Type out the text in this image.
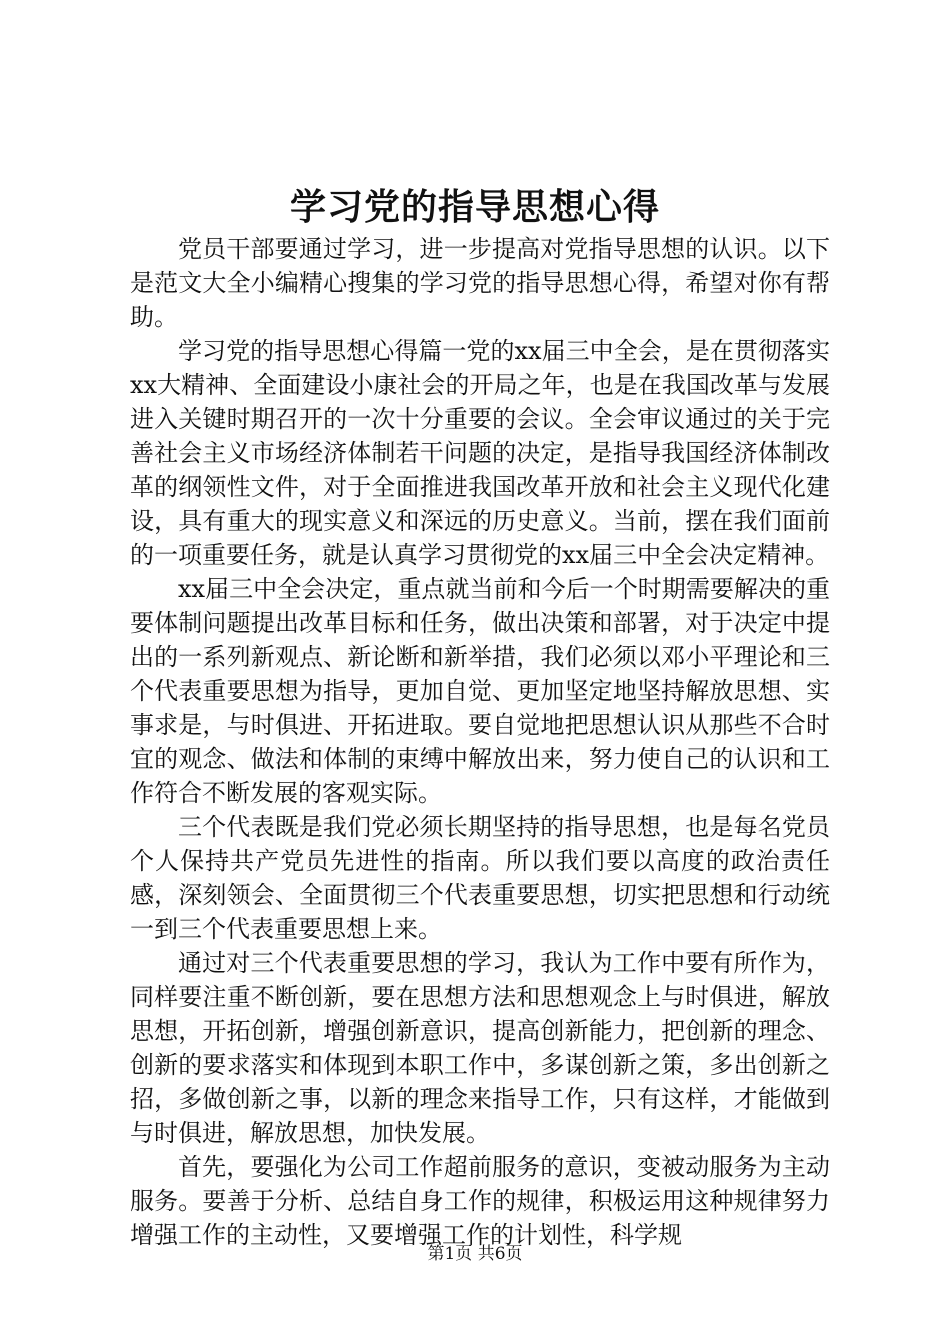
学习党的指导思想心得

党员干部要通过学习，进一步提高对党指导思想的认识。以下是范文大全小编精心搜集的学习党的指导思想心得，希望对你有帮助。

学习党的指导思想心得篇一党的xx届三中全会，是在贯彻落实xx大精神、全面建设小康社会的开局之年，也是在我国改革与发展进入关键时期召开的一次十分重要的会议。全会审议通过的关于完善社会主义市场经济体制若干问题的决定，是指导我国经济体制改革的纲领性文件，对于全面推进我国改革开放和社会主义现代化建设，具有重大的现实意义和深远的历史意义。当前，摆在我们面前的一项重要任务，就是认真学习贯彻党的xx届三中全会决定精神。

xx届三中全会决定，重点就当前和今后一个时期需要解决的重要体制问题提出改革目标和任务，做出决策和部署，对于决定中提出的一系列新观点、新论断和新举措，我们必须以邓小平理论和三个代表重要思想为指导，更加自觉、更加坚定地坚持解放思想、实事求是，与时俱进、开拓进取。要自觉地把思想认识从那些不合时宜的观念、做法和体制的束缚中解放出来，努力使自己的认识和工作符合不断发展的客观实际。

三个代表既是我们党必须长期坚持的指导思想，也是每名党员个人保持共产党员先进性的指南。所以我们要以高度的政治责任感，深刻领会、全面贯彻三个代表重要思想，切实把思想和行动统一到三个代表重要思想上来。

通过对三个代表重要思想的学习，我认为工作中要有所作为，同样要注重不断创新，要在思想方法和思想观念上与时俱进，解放思想，开拓创新，增强创新意识，提高创新能力，把创新的理念、创新的要求落实和体现到本职工作中，多谋创新之策，多出创新之招，多做创新之事，以新的理念来指导工作，只有这样，才能做到与时俱进，解放思想，加快发展。

首先，要强化为公司工作超前服务的意识，变被动服务为主动服务。要善于分析、总结自身工作的规律，积极运用这种规律努力增强工作的主动性，又要增强工作的计划性，科学规

第1页 共6页
